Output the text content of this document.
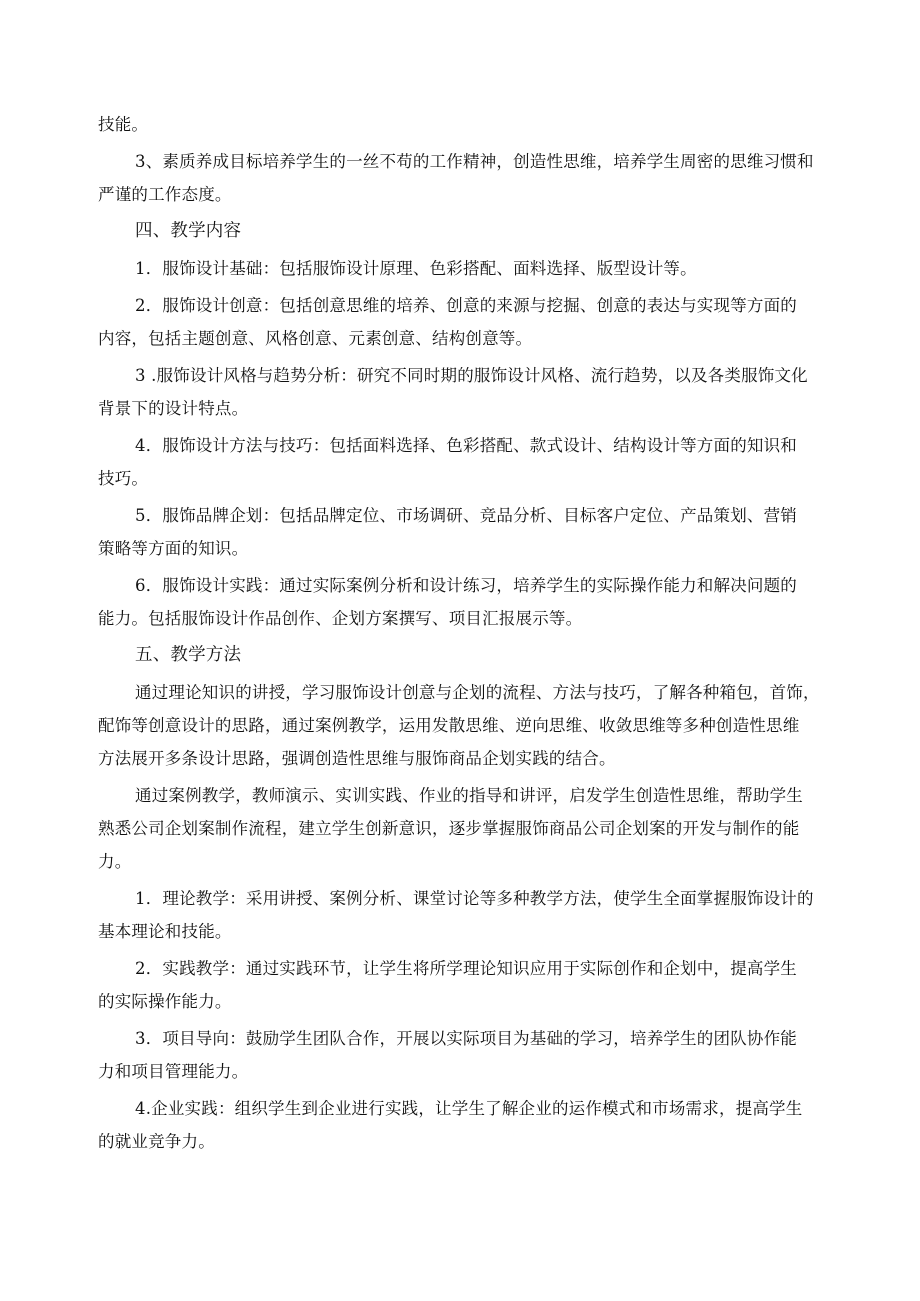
技能。
3、素质养成目标培养学生的一丝不苟的工作精神，创造性思维，培养学生周密的思维习惯和
严谨的工作态度。
四、教学内容
1．服饰设计基础：包括服饰设计原理、色彩搭配、面料选择、版型设计等。
2．服饰设计创意：包括创意思维的培养、创意的来源与挖掘、创意的表达与实现等方面的
内容，包括主题创意、风格创意、元素创意、结构创意等。
3 .服饰设计风格与趋势分析：研究不同时期的服饰设计风格、流行趋势，以及各类服饰文化
背景下的设计特点。
4．服饰设计方法与技巧：包括面料选择、色彩搭配、款式设计、结构设计等方面的知识和
技巧。
5．服饰品牌企划：包括品牌定位、市场调研、竞品分析、目标客户定位、产品策划、营销
策略等方面的知识。
6．服饰设计实践：通过实际案例分析和设计练习，培养学生的实际操作能力和解决问题的
能力。包括服饰设计作品创作、企划方案撰写、项目汇报展示等。
五、教学方法
通过理论知识的讲授，学习服饰设计创意与企划的流程、方法与技巧，了解各种箱包，首饰，
配饰等创意设计的思路，通过案例教学，运用发散思维、逆向思维、收敛思维等多种创造性思维
方法展开多条设计思路，强调创造性思维与服饰商品企划实践的结合。
通过案例教学，教师演示、实训实践、作业的指导和讲评，启发学生创造性思维，帮助学生
熟悉公司企划案制作流程，建立学生创新意识，逐步掌握服饰商品公司企划案的开发与制作的能
力。
1．理论教学：采用讲授、案例分析、课堂讨论等多种教学方法，使学生全面掌握服饰设计的
基本理论和技能。
2．实践教学：通过实践环节，让学生将所学理论知识应用于实际创作和企划中，提高学生
的实际操作能力。
3．项目导向：鼓励学生团队合作，开展以实际项目为基础的学习，培养学生的团队协作能
力和项目管理能力。
4.企业实践：组织学生到企业进行实践，让学生了解企业的运作模式和市场需求，提高学生
的就业竞争力。
